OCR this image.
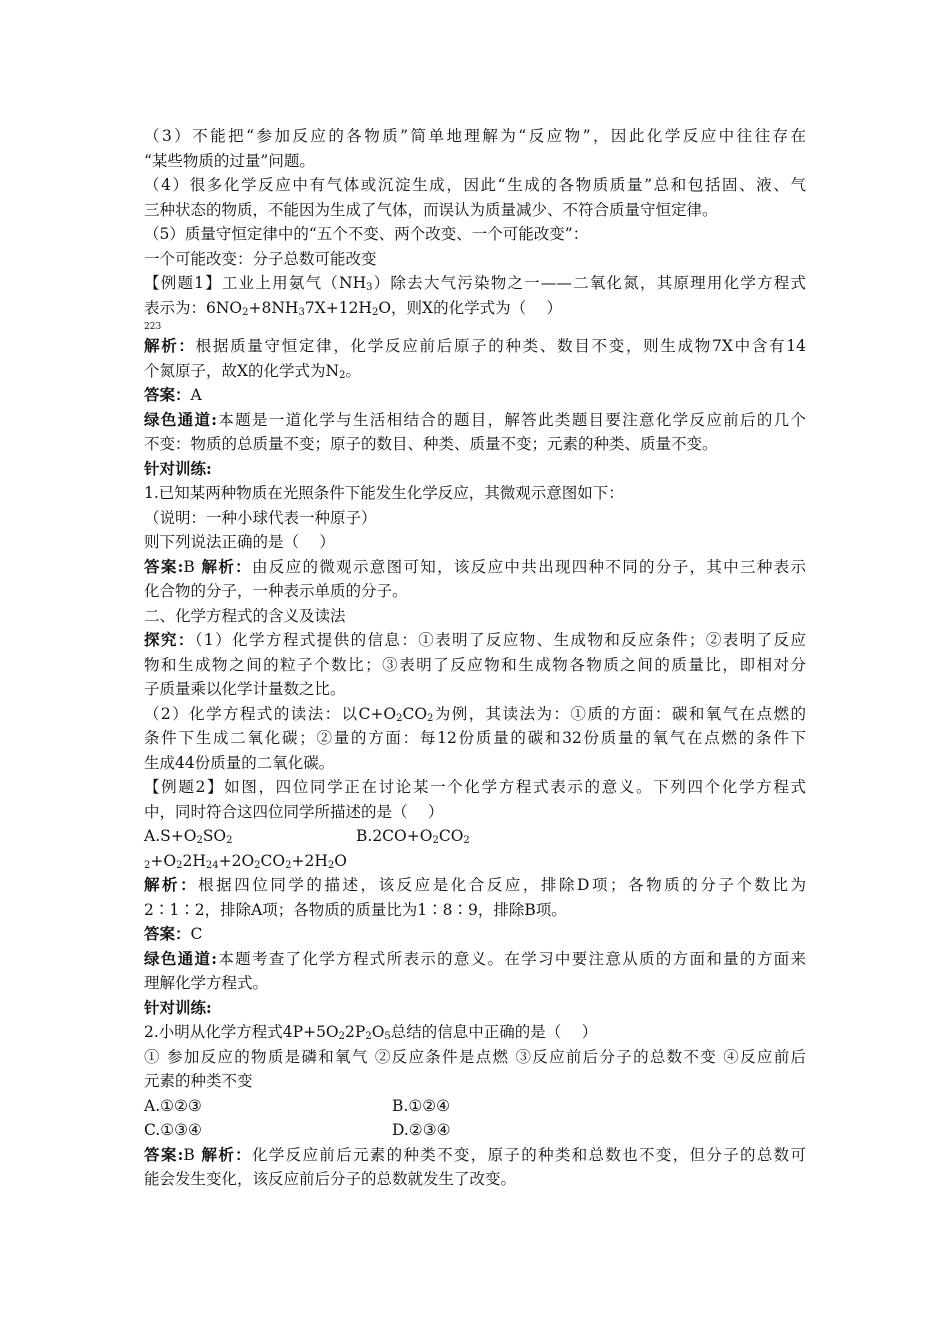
（3）不能把“参加反应的各物质”简单地理解为“反应物”，因此化学反应中往往存在
“某些物质的过量”问题。
（4）很多化学反应中有气体或沉淀生成，因此“生成的各物质质量”总和包括固、液、气
三种状态的物质，不能因为生成了气体，而误认为质量减少、不符合质量守恒定律。
（5）质量守恒定律中的“五个不变、两个改变、一个可能改变”：
一个可能改变：分子总数可能改变
【例题1】工业上用氨气$(NH_3)$除去大气污染物之一——二氧化氮，其原理用化学方程式
表示为：$6NO_2+8NH_37X+12H_2O$，则X的化学式为（　 ）
223
解析：根据质量守恒定律，化学反应前后原子的种类、数目不变，则生成物7X中含有14
个氮原子，故X的化学式为$N_2$。
答案：A
绿色通道:本题是一道化学与生活相结合的题目，解答此类题目要注意化学反应前后的几个
不变：物质的总质量不变；原子的数目、种类、质量不变；元素的种类、质量不变。
针对训练:
1.已知某两种物质在光照条件下能发生化学反应，其微观示意图如下：
（说明：一种小球代表一种原子）
则下列说法正确的是（　 ）
答案:B 解析：由反应的微观示意图可知，该反应中共出现四种不同的分子，其中三种表示
化合物的分子，一种表示单质的分子。
二、化学方程式的含义及读法
探究：（1）化学方程式提供的信息：①表明了反应物、生成物和反应条件；②表明了反应
物和生成物之间的粒子个数比；③表明了反应物和生成物各物质之间的质量比，即相对分
子质量乘以化学计量数之比。
（2）化学方程式的读法：以$C+O_2CO_2$为例，其读法为：①质的方面：碳和氧气在点燃的
条件下生成二氧化碳；②量的方面：每12份质量的碳和32份质量的氧气在点燃的条件下
生成44份质量的二氧化碳。
【例题2】如图，四位同学正在讨论某一个化学方程式表示的意义。下列四个化学方程式
中，同时符合这四位同学所描述的是（　 ）
$A.S+O_2SO_2$	$B.2CO+O_2CO_2$
$_2+O_22H_{24}+2O_2CO_2+2H_2O$
解析：根据四位同学的描述，该反应是化合反应，排除D项；各物质的分子个数比为
2∶1∶2，排除A项；各物质的质量比为1∶8∶9，排除B项。
答案：C
绿色通道:本题考查了化学方程式所表示的意义。在学习中要注意从质的方面和量的方面来
理解化学方程式。
针对训练:
2.小明从化学方程式$4P+5O_22P_2O_5$总结的信息中正确的是（　 ）
① 参加反应的物质是磷和氧气 ②反应条件是点燃 ③反应前后分子的总数不变 ④反应前后
元素的种类不变
A.①②③	B.①②④
C.①③④	D.②③④
答案:B 解析：化学反应前后元素的种类不变，原子的种类和总数也不变，但分子的总数可
能会发生变化，该反应前后分子的总数就发生了改变。
